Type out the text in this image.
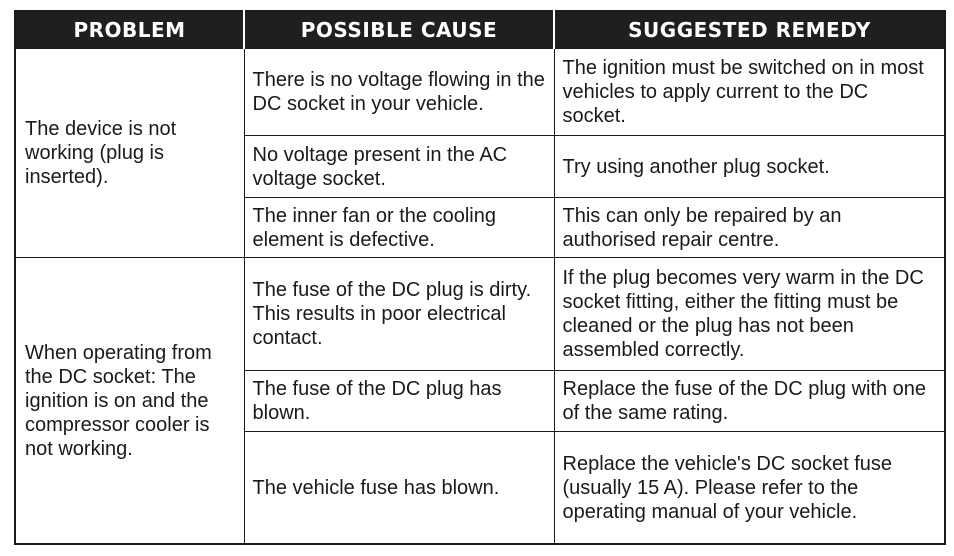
PROBLEM	POSSIBLE CAUSE	SUGGESTED REMEDY
The device is not working (plug is inserted).	There is no voltage flowing in the DC socket in your vehicle.	The ignition must be switched on in most vehicles to apply current to the DC socket.
	No voltage present in the AC voltage socket.	Try using another plug socket.
	The inner fan or the cooling element is defective.	This can only be repaired by an authorised repair centre.
When operating from the DC socket: The ignition is on and the compressor cooler is not working.	The fuse of the DC plug is dirty. This results in poor electrical contact.	If the plug becomes very warm in the DC socket fitting, either the fitting must be cleaned or the plug has not been assembled correctly.
	The fuse of the DC plug has blown.	Replace the fuse of the DC plug with one of the same rating.
	The vehicle fuse has blown.	Replace the vehicle's DC socket fuse (usually 15 A). Please refer to the operating manual of your vehicle.
